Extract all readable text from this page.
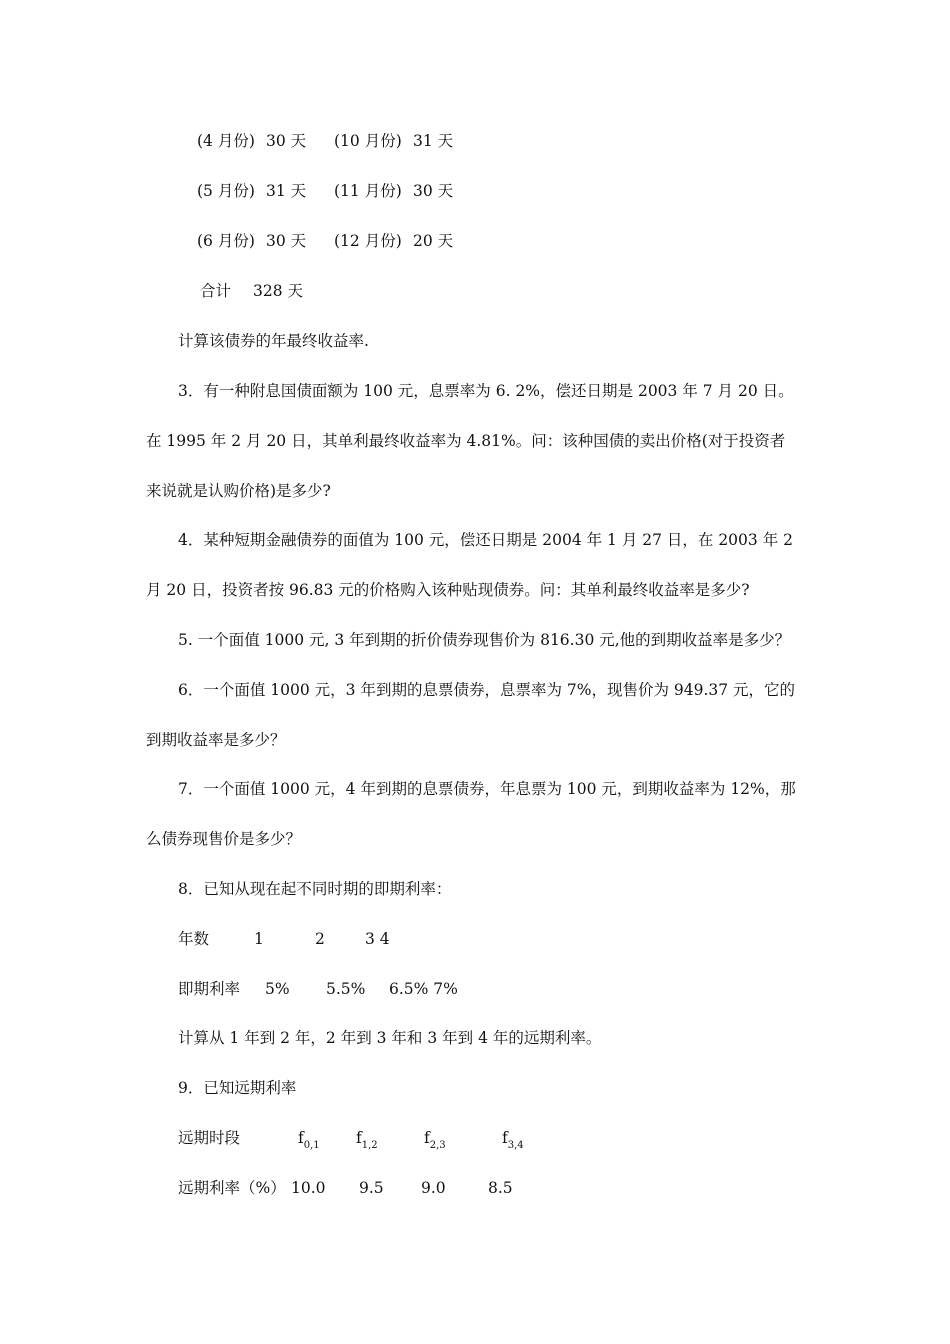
(4 月份) 30 天 (10 月份) 31 天
(5 月份) 31 天 (11 月份) 30 天
(6 月份) 30 天 (12 月份) 20 天
合计 328 天
计算该债券的年最终收益率.
3．有一种附息国债面额为 100 元，息票率为 6. 2%，偿还日期是 2003 年 7 月 20 日。
在 1995 年 2 月 20 日，其单利最终收益率为 4.81%。问：该种国债的卖出价格(对于投资者
来说就是认购价格)是多少?
4．某种短期金融债券的面值为 100 元，偿还日期是 2004 年 1 月 27 日，在 2003 年 2
月 20 日，投资者按 96.83 元的价格购入该种贴现债券。问：其单利最终收益率是多少?
5. 一个面值 1000 元, 3 年到期的折价债券现售价为 816.30 元,他的到期收益率是多少？
6．一个面值 1000 元，3 年到期的息票债券，息票率为 7%，现售价为 949.37 元，它的
到期收益率是多少？
7．一个面值 1000 元，4 年到期的息票债券，年息票为 100 元，到期收益率为 12%，那
么债券现售价是多少？
8．已知从现在起不同时期的即期利率：
年数	1	2	3 4
即期利率 5% 5.5% 6.5% 7%
计算从 1 年到 2 年，2 年到 3 年和 3 年到 4 年的远期利率。
9．已知远期利率
远期时段	$f_{0,1}$ $f_{1,2}$	$f_{2,3}$	$f_{3,4}$
远期利率（%） 10.0 9.5 9.0	8.5
